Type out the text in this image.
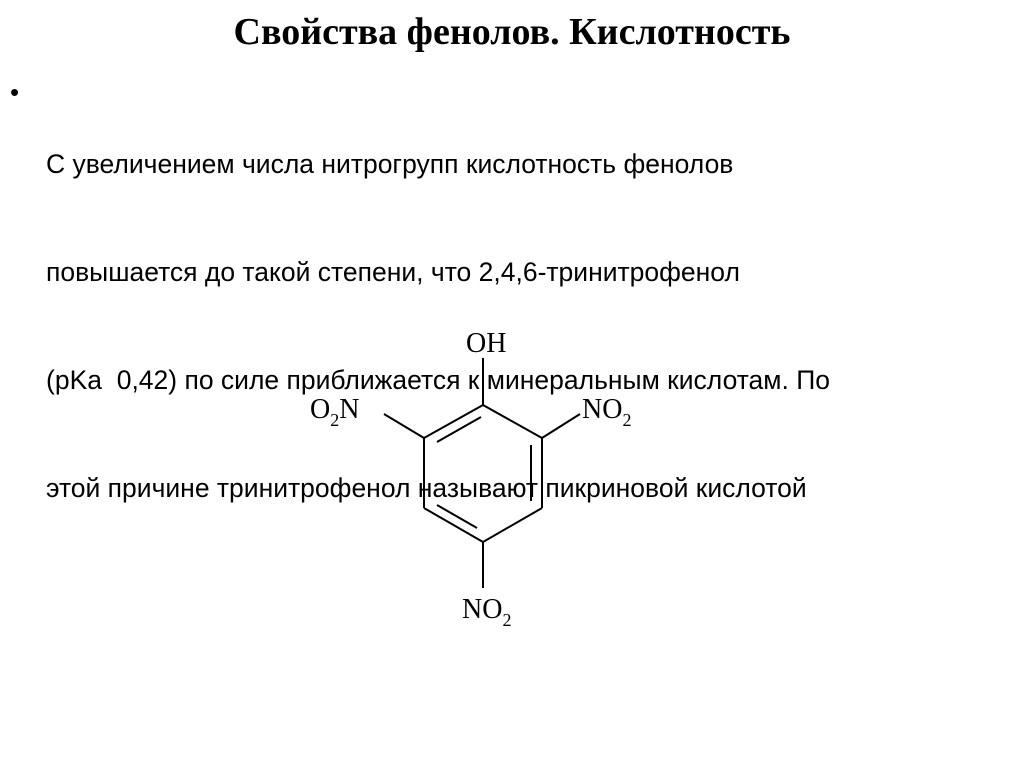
Свойства фенолов. Кислотность
•

С увеличением числа нитрогрупп кислотность фенолов

повышается до такой степени, что 2,4,6-тринитрофенол

(pKa  0,42) по силе приближается к минеральным кислотам. По

этой причине тринитрофенол называют пикриновой кислотой

OH
O2N	NO2
NO2
